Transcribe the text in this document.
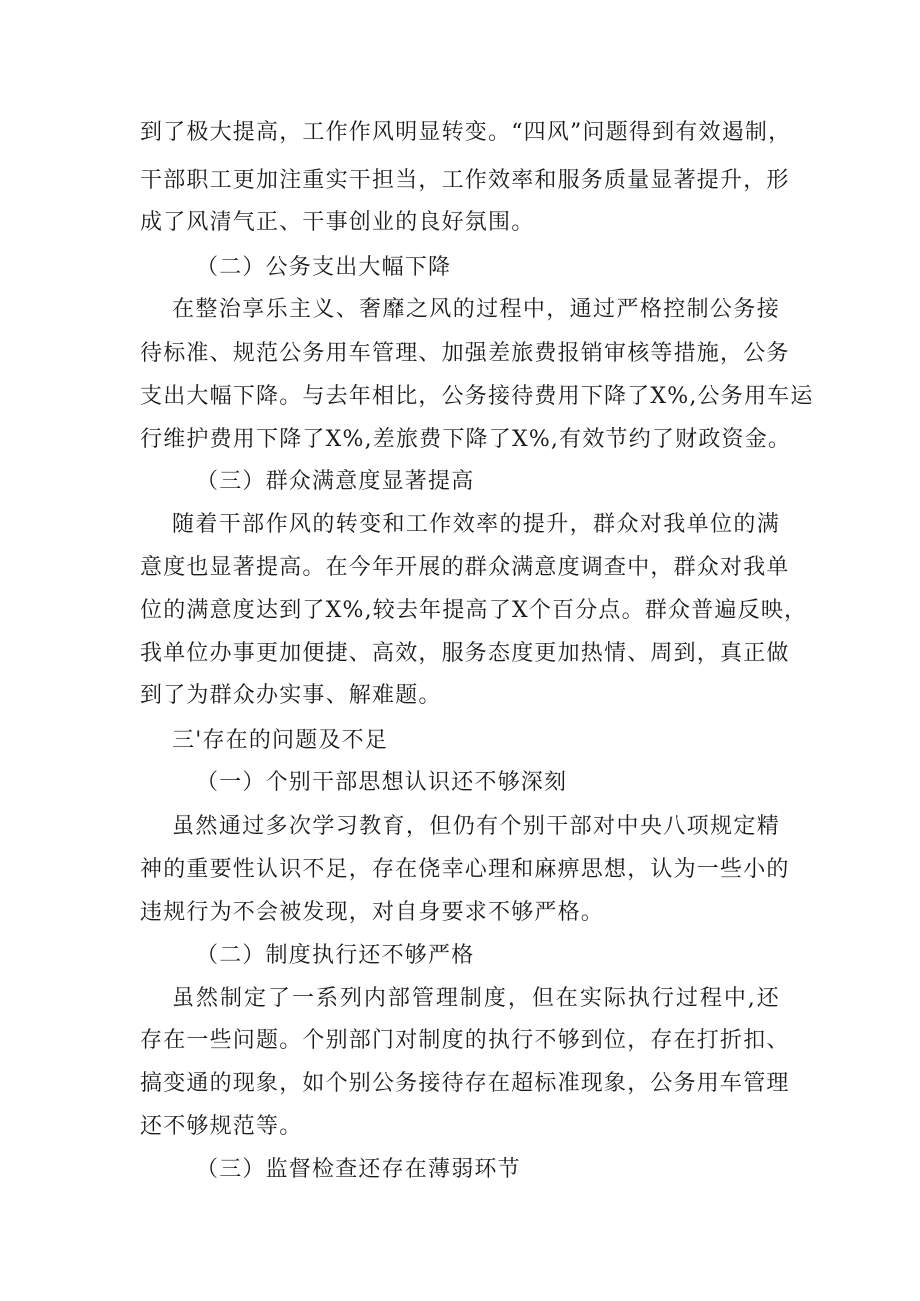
到了极大提高，工作作风明显转变。“四风”问题得到有效遏制，

干部职工更加注重实干担当，工作效率和服务质量显著提升，形

成了风清气正、干事创业的良好氛围。

（二）公务支出大幅下降

在整治享乐主义、奢靡之风的过程中，通过严格控制公务接

待标准、规范公务用车管理、加强差旅费报销审核等措施，公务

支出大幅下降。与去年相比，公务接待费用下降了X%,公务用车运

行维护费用下降了X%,差旅费下降了X%,有效节约了财政资金。

（三）群众满意度显著提高

随着干部作风的转变和工作效率的提升，群众对我单位的满

意度也显著提高。在今年开展的群众满意度调查中，群众对我单

位的满意度达到了X%,较去年提高了X个百分点。群众普遍反映，

我单位办事更加便捷、高效，服务态度更加热情、周到，真正做

到了为群众办实事、解难题。

三'存在的问题及不足

（一）个别干部思想认识还不够深刻

虽然通过多次学习教育，但仍有个别干部对中央八项规定精

神的重要性认识不足，存在侥幸心理和麻痹思想，认为一些小的

违规行为不会被发现，对自身要求不够严格。

（二）制度执行还不够严格

虽然制定了一系列内部管理制度，但在实际执行过程中,还

存在一些问题。个别部门对制度的执行不够到位，存在打折扣、

搞变通的现象，如个别公务接待存在超标准现象，公务用车管理

还不够规范等。

（三）监督检查还存在薄弱环节
